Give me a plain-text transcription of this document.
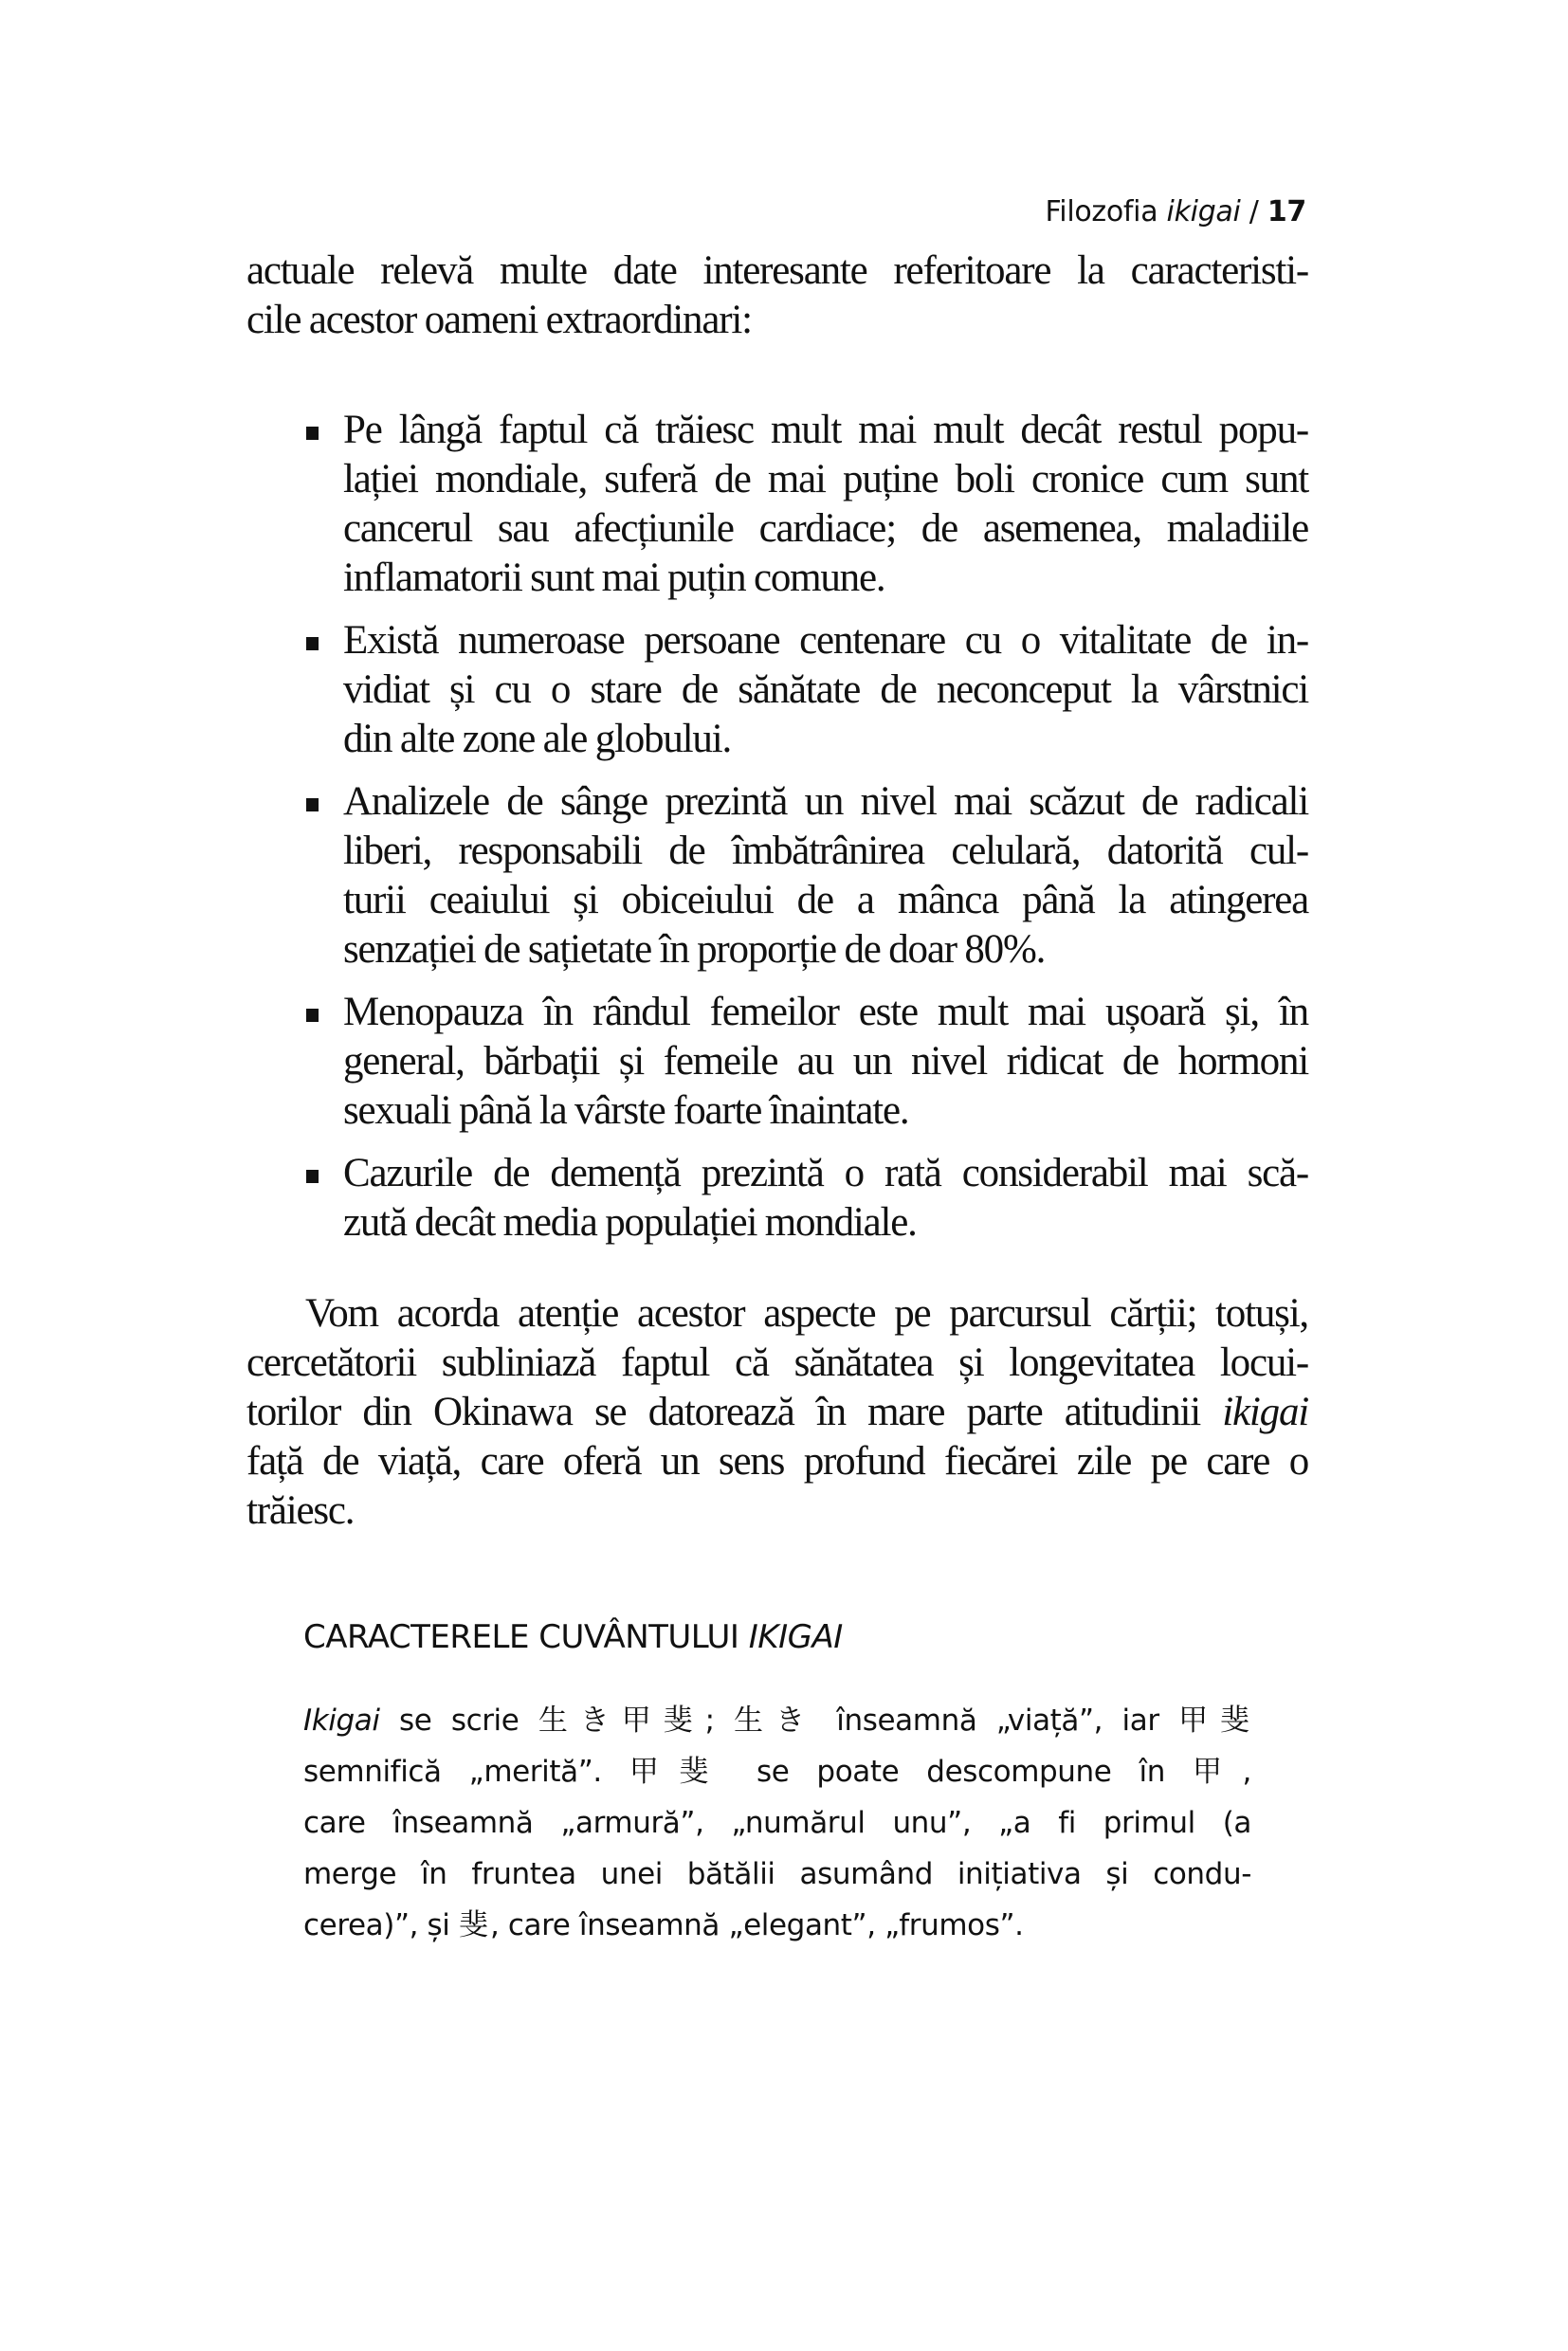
Filozofia ikigai / 17
actuale relevă multe date interesante referitoare la caracteristi-
cile acestor oameni extraordinari:
Pe lângă faptul că trăiesc mult mai mult decât restul popu-
lației mondiale, suferă de mai puține boli cronice cum sunt
cancerul sau afecțiunile cardiace; de asemenea, maladiile
inflamatorii sunt mai puțin comune.
Există numeroase persoane centenare cu o vitalitate de in-
vidiat și cu o stare de sănătate de neconceput la vârstnici
din alte zone ale globului.
Analizele de sânge prezintă un nivel mai scăzut de radicali
liberi, responsabili de îmbătrânirea celulară, datorită cul-
turii ceaiului și obiceiului de a mânca până la atingerea
senzației de sațietate în proporție de doar 80%.
Menopauza în rândul femeilor este mult mai ușoară și, în
general, bărbații și femeile au un nivel ridicat de hormoni
sexuali până la vârste foarte înaintate.
Cazurile de demență prezintă o rată considerabil mai scă-
zută decât media populației mondiale.
Vom acorda atenție acestor aspecte pe parcursul cărții; totuși,
cercetătorii subliniază faptul că sănătatea și longevitatea locui-
torilor din Okinawa se datorează în mare parte atitudinii ikigai
față de viață, care oferă un sens profund fiecărei zile pe care o
trăiesc.
CARACTERELE CUVÂNTULUI IKIGAI
Ikigai se scrie 生き甲斐; 生き înseamnă „viață”, iar 甲斐
semnifică „merită”. 甲斐 se poate descompune în 甲,
care înseamnă „armură”, „numărul unu”, „a fi primul (a
merge în fruntea unei bătălii asumând inițiativa și condu-
cerea)”, și 斐, care înseamnă „elegant”, „frumos”.
